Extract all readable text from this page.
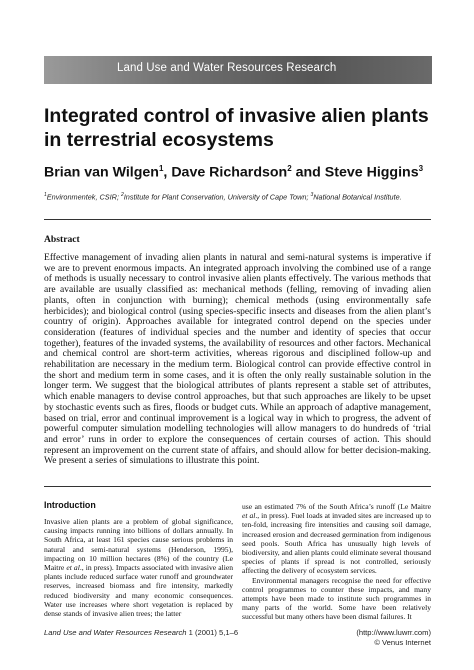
Land Use and Water Resources Research
Integrated control of invasive alien plants in terrestrial ecosystems
Brian van Wilgen$^1$, Dave Richardson$^2$ and Steve Higgins$^3$
$^1$Environmentek, CSIR; $^2$Institute for Plant Conservation, University of Cape Town; $^3$National Botanical Institute.
Abstract

Effective management of invading alien plants in natural and semi-natural systems is imperative if we are to prevent enormous impacts. An integrated approach involving the combined use of a range of methods is usually necessary to control invasive alien plants effectively. The various methods that are available are usually classified as: mechanical methods (felling, removing of invading alien plants, often in conjunction with burning); chemical methods (using environmentally safe herbicides); and biological control (using species-specific insects and diseases from the alien plant’s country of origin). Approaches available for integrated control depend on the species under consideration (features of individual species and the number and identity of species that occur together), features of the invaded systems, the availability of resources and other factors. Mechanical and chemical control are short-term activities, whereas rigorous and disciplined follow-up and rehabilitation are necessary in the medium term. Biological control can provide effective control in the short and medium term in some cases, and it is often the only really sustainable solution in the longer term. We suggest that the biological attributes of plants represent a stable set of attributes, which enable managers to devise control approaches, but that such approaches are likely to be upset by stochastic events such as fires, floods or budget cuts. While an approach of adaptive management, based on trial, error and continual improvement is a logical way in which to progress, the advent of powerful computer simulation modelling technologies will allow managers to do hundreds of ‘trial and error’ runs in order to explore the consequences of certain courses of action. This should represent an improvement on the current state of affairs, and should allow for better decision-making. We present a series of simulations to illustrate this point.

Introduction

Invasive alien plants are a problem of global significance, causing impacts running into billions of dollars annually. In South Africa, at least 161 species cause serious problems in natural and semi-natural systems (Henderson, 1995), impacting on 10 million hectares (8%) of the country (Le Maitre et al., in press). Impacts associated with invasive alien plants include reduced surface water runoff and groundwater reserves, increased biomass and fire intensity, markedly reduced biodiversity and many economic consequences. Water use increases where short vegetation is replaced by dense stands of invasive alien trees; the latter

use an estimated 7% of the South Africa’s runoff (Le Maitre et al., in press). Fuel loads at invaded sites are increased up to ten-fold, increasing fire intensities and causing soil damage, increased erosion and decreased germination from indigenous seed pools. South Africa has unusually high levels of biodiversity, and alien plants could eliminate several thousand species of plants if spread is not controlled, seriously affecting the delivery of ecosystem services.
Environmental managers recognise the need for effective control programmes to counter these impacts, and many attempts have been made to institute such programmes in many parts of the world. Some have been relatively successful but many others have been dismal failures. It

Land Use and Water Resources Research 1 (2001) 5,1–6	(http://www.luwrr.com)
© Venus Internet
